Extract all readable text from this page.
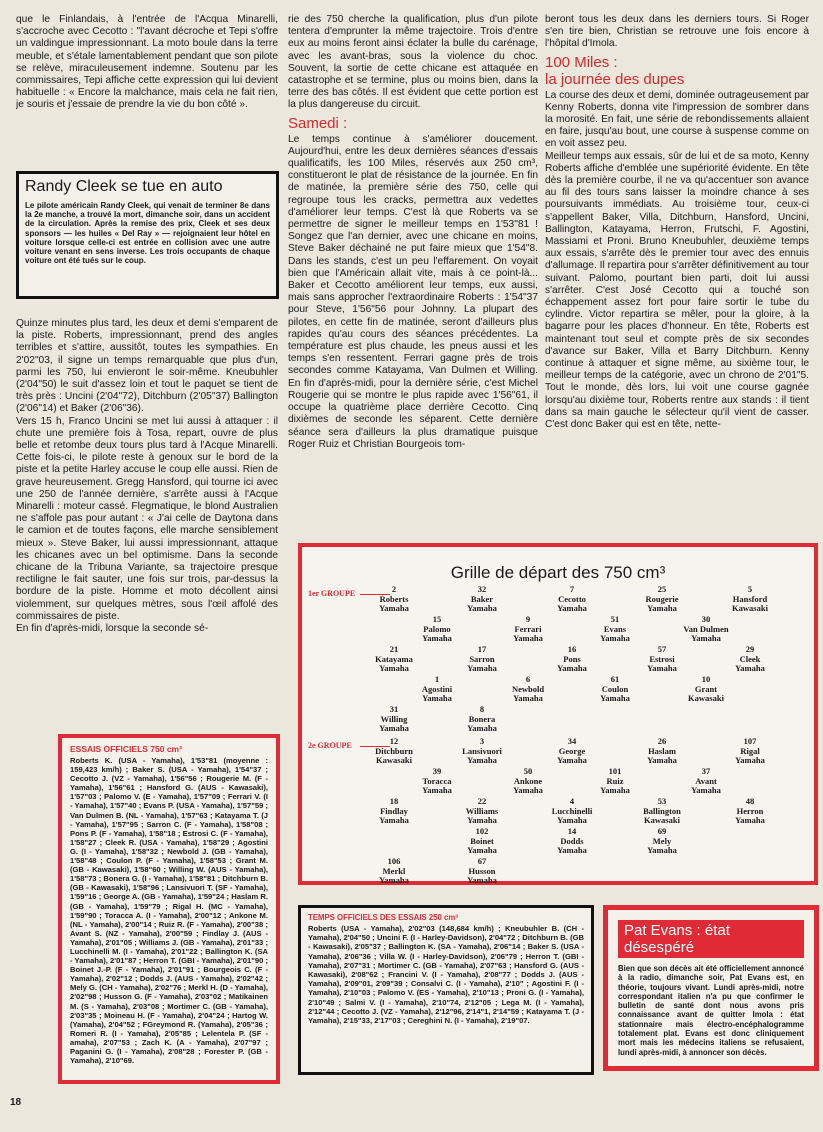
que le Finlandais, à l'entrée de l'Acqua Minarelli, s'accroche avec Cecotto : "l'avant décroche et Tepi s'offre un valdingue impressionnant. La moto boule dans la terre meuble, et s'étale lamentablement pendant que son pilote se relève, miraculeusement indemne. Soutenu par les commissaires, Tepi affiche cette expression qui lui devient habituelle : « Encore la malchance, mais cela ne fait rien, je souris et j'essaie de prendre la vie du bon côté ».

Randy Cleek se tue en auto
Le pilote américain Randy Cleek, qui venait de terminer 8e dans la 2e manche, a trouvé la mort, dimanche soir, dans un accident de la circulation. Après la remise des prix, Cleek et ses deux sponsors — les huiles « Del Ray » — rejoignaient leur hôtel en voiture lorsque celle-ci est entrée en collision avec une autre voiture venant en sens inverse. Les trois occupants de chaque voiture ont été tués sur le coup.

Quinze minutes plus tard, les deux et demi s'emparent de la piste. Roberts, impressionnant, prend des angles terribles et s'attire, aussitôt, toutes les sympathies. En 2'02"03, il signe un temps remarquable que plus d'un, parmi les 750, lui envieront le soir-même. Kneubuhler (2'04"50) le suit d'assez loin et tout le paquet se tient de très près : Uncini (2'04"72), Ditchburn (2'05"37) Ballington (2'06"14) et Baker (2'06"36).

Vers 15 h, Franco Uncini se met lui aussi à attaquer : il chute une première fois à Tosa, repart, ouvre de plus belle et retombe deux tours plus tard à l'Acque Minarelli. Cette fois-ci, le pilote reste à genoux sur le bord de la piste et la petite Harley accuse le coup elle aussi. Rien de grave heureusement. Gregg Hansford, qui tourne ici avec une 250 de l'année dernière, s'arrête aussi à l'Acque Minarelli : moteur cassé. Flegmatique, le blond Australien ne s'affole pas pour autant : « J'ai celle de Daytona dans le camion et de toutes façons, elle marche sensiblement mieux ». Steve Baker, lui aussi impressionnant, attaque les chicanes avec un bel optimisme. Dans la seconde chicane de la Tribuna Variante, sa trajectoire presque rectiligne le fait sauter, une fois sur trois, par-dessus la bordure de la piste. Homme et moto décollent ainsi violemment, sur quelques mètres, sous l'œil affolé des commissaires de piste.

En fin d'après-midi, lorsque la seconde sé-

ESSAIS OFFICIELS 750 cm³
Roberts K. (USA - Yamaha), 1'53"81 (moyenne : 159,423 km/h) ; Baker S. (USA - Yamaha), 1'54"37 ; Cecotto J. (VZ - Yamaha), 1'56"56 ; Rougerie M. (F - Yamaha), 1'56"61 ; Hansford G. (AUS - Kawasaki), 1'57"03 ; Palomo V. (E - Yamaha), 1'57"09 ; Ferrari V. (I - Yamaha), 1'57"40 ; Evans P. (USA - Yamaha), 1'57"59 ; Van Dulmen B. (NL - Yamaha), 1'57"63 ; Katayama T. (J - Yamaha), 1'57"95 ; Sarron C. (F - Yamaha), 1'58"08 ; Pons P. (F - Yamaha), 1'58"18 ; Estrosi C. (F - Yamaha), 1'58"27 ; Cleek R. (USA - Yamaha), 1'58"29 ; Agostini G. (I - Yamaha), 1'58"32 ; Newbold J. (GB - Yamaha), 1'58"48 ; Coulon P. (F - Yamaha), 1'58"53 ; Grant M. (GB - Kawasaki), 1'58"60 ; Willing W. (AUS - Yamaha), 1'58"73 ; Bonera G. (I - Yamaha), 1'58"81 ; Ditchburn B. (GB - Kawasaki), 1'58"96 ; Lansivuori T. (SF - Yamaha), 1'59"16 ; George A. (GB - Yamaha), 1'59"24 ; Haslam R. (GB - Yamaha), 1'59"79 ; Rigal H. (MC - Yamaha), 1'59"90 ; Toracca A. (I - Yamaha), 2'00"12 ; Ankone M. (NL - Yamaha), 2'00"14 ; Ruiz R. (F - Yamaha), 2'00"38 ; Avant S. (NZ - Yamaha), 2'00"59 ; Findlay J. (AUS - Yamaha), 2'01"05 ; Williams J. (GB - Yamaha), 2'01"33 ; Lucchinelli M. (I - Yamaha), 2'01"22 ; Ballington K. (SA - Yamaha), 2'01"87 ; Herron T. (GBI - Yamaha), 2'01"90 ; Boinet J.-P. (F - Yamaha), 2'01"91 ; Bourgeois C. (F - Yamaha), 2'02"12 ; Dodds J. (AUS - Yamaha), 2'02"42 ; Mely G. (CH - Yamaha), 2'02"76 ; Merkl H. (D - Yamaha), 2'02"98 ; Husson G. (F - Yamaha), 2'03"02 ; Matikainen M. (S - Yamaha), 2'03"08 ; Mortimer C. (GB - Yamaha), 2'03"35 ; Moineau H. (F - Yamaha), 2'04"24 ; Hartog W. (Yamaha), 2'04"52 ; FGreymond R. (Yamaha), 2'05"36 ; Romeri R. (I - Yamaha), 2'05"85 ; Lelentela P. (SF - amaha), 2'07"53 ; Zach K. (A - Yamaha), 2'07"97 ; Paganini G. (I - Yamaha), 2'08"28 ; Forester P. (GB - Yamaha), 2'10"69.
18

rie des 750 cherche la qualification, plus d'un pilote tentera d'emprunter la même trajectoire. Trois d'entre eux au moins feront ainsi éclater la bulle du carénage, avec les avant-bras, sous la violence du choc. Souvent, la sortie de cette chicane est attaquée en catastrophe et se termine, plus ou moins bien, dans la terre des bas côtés. Il est évident que cette portion est la plus dangereuse du circuit.

Samedi :

Le temps continue à s'améliorer doucement. Aujourd'hui, entre les deux dernières séances d'essais qualificatifs, les 100 Miles, réservés aux 250 cm³, constitueront le plat de résistance de la journée. En fin de matinée, la première série des 750, celle qui regroupe tous les cracks, permettra aux vedettes d'améliorer leur temps. C'est là que Roberts va se permettre de signer le meilleur temps en 1'53"81 ! Songez que l'an dernier, avec une chicane en moins, Steve Baker déchainé ne put faire mieux que 1'54"8. Dans les stands, c'est un peu l'effarement. On voyait bien que l'Américain allait vite, mais à ce point-là... Baker et Cecotto améliorent leur temps, eux aussi, mais sans approcher l'extraordinaire Roberts : 1'54"37 pour Steve, 1'56"56 pour Johnny. La plupart des pilotes, en cette fin de matinée, seront d'ailleurs plus rapides qu'au cours des séances précédentes. La température est plus chaude, les pneus aussi et les temps s'en ressentent. Ferrari gagne près de trois secondes comme Katayama, Van Dulmen et Willing. En fin d'après-midi, pour la dernière série, c'est Michel Rougerie qui se montre le plus rapide avec 1'56"61, il occupe la quatrième place derrière Cecotto. Cinq dixièmes de seconde les séparent. Cette dernière séance sera d'ailleurs la plus dramatique puisque Roger Ruiz et Christian Bourgeois tom-

beront tous les deux dans les derniers tours. Si Roger s'en tire bien, Christian se retrouve une fois encore à l'hôpital d'Imola.

100 Miles :
la journée des dupes

La course des deux et demi, dominée outrageusement par Kenny Roberts, donna vite l'impression de sombrer dans la morosité. En fait, une série de rebondissements allaient en faire, jusqu'au bout, une course à suspense comme on en voit assez peu.

Meilleur temps aux essais, sûr de lui et de sa moto, Kenny Roberts affiche d'emblée une supériorité évidente. En tête dès la première courbe, il ne va qu'accentuer son avance au fil des tours sans laisser la moindre chance à ses poursuivants immédiats. Au troisième tour, ceux-ci s'appellent Baker, Villa, Ditchburn, Hansford, Uncini, Ballington, Katayama, Herron, Frutschi, F. Agostini, Massiami et Proni. Bruno Kneubuhler, deuxième temps aux essais, s'arrête dès le premier tour avec des ennuis d'allumage. Il repartira pour s'arrêter définitivement au tour suivant. Palomo, pourtant bien parti, doit lui aussi s'arrêter. C'est José Cecotto qui a touché son échappement assez fort pour faire sortir le tube du cylindre. Victor repartira se mêler, pour la gloire, à la bagarre pour les places d'honneur. En tête, Roberts est maintenant tout seul et compte près de six secondes d'avance sur Baker, Villa et Barry Ditchburn. Kenny continue à attaquer et signe même, au sixième tour, le meilleur temps de la catégorie, avec un chrono de 2'01"5. Tout le monde, dès lors, lui voit une course gagnée lorsqu'au dixième tour, Roberts rentre aux stands : il tient dans sa main gauche le sélecteur qu'il vient de casser. C'est donc Baker qui est en tête, nette-

Grille de départ des 750 cm³
1er GROUPE
2e GROUPE
2
Roberts
Yamaha
32
Baker
Yamaha
7
Cecotto
Yamaha
25
Rougerie
Yamaha
5
Hansford
Kawasaki
15
Palomo
Yamaha
9
Ferrari
Yamaha
51
Evans
Yamaha
30
Van Dulmen
Yamaha
21
Katayama
Yamaha
17
Sarron
Yamaha
16
Pons
Yamaha
57
Estrosi
Yamaha
29
Cleek
Yamaha
1
Agostini
Yamaha
6
Newbold
Yamaha
61
Coulon
Yamaha
10
Grant
Kawasaki
31
Willing
Yamaha
8
Bonera
Yamaha
12
Ditchburn
Kawasaki
3
Lansivuori
Yamaha
34
George
Yamaha
26
Haslam
Yamaha
107
Rigal
Yamaha
39
Toracca
Yamaha
50
Ankone
Yamaha
101
Ruiz
Yamaha
37
Avant
Yamaha
18
Findlay
Yamaha
22
Williams
Yamaha
4
Lucchinelli
Yamaha
53
Ballington
Kawasaki
48
Herron
Yamaha
102
Boinet
Yamaha
14
Dodds
Yamaha
69
Mely
Yamaha
106
Merkl
Yamaha
67
Husson
Yamaha
TEMPS OFFICIELS DES ESSAIS 250 cm³
Roberts (USA - Yamaha), 2'02"03 (148,684 km/h) ; Kneubuhler B. (CH - Yamaha), 2'04"50 ; Uncini F. (I - Harley-Davidson), 2'04"72 ; Ditchburn B. (GB - Kawasaki), 2'05"37 ; Ballington K. (SA - Yamaha), 2'06"14 ; Baker S. (USA - Yamaha), 2'06"36 ; Villa W. (I - Harley-Davidson), 2'06"79 ; Herron T. (GBI - Yamaha), 2'07"31 ; Mortimer C. (GB - Yamaha), 2'07"63 ; Hansford G. (AUS - Kawasaki), 2'08"62 ; Francini V. (I - Yamaha), 2'08"77 ; Dodds J. (AUS - Yamaha), 2'09"01, 2'09"39 ; Consalvi C. (I - Yamaha), 2'10" ; Agostini F. (I - Yamaha), 2'10"03 ; Palomo V. (ES - Yamaha), 2'10"13 ; Proni G. (I - Yamaha), 2'10"49 ; Salmi V. (I - Yamaha), 2'10"74, 2'12"05 ; Lega M. (I - Yamaha), 2'12"44 ; Cecotto J. (VZ - Yamaha), 2'12"96, 2'14"1, 2'14"59 ; Katayama T. (J - Yamaha), 2'15"33, 2'17"03 ; Cereghini N. (I - Yamaha), 2'19"07.
Pat Evans : état désespéré
Bien que son décès ait été officiellement annoncé à la radio, dimanche soir, Pat Evans est, en théorie, toujours vivant. Lundi après-midi, notre correspondant italien n'a pu que confirmer le bulletin de santé dont nous avons pris connaissance avant de quitter Imola : état stationnaire mais électro-encéphalogramme totalement plat. Evans est donc cliniquement mort mais les médecins italiens se refusaient, lundi après-midi, à annoncer son décès.
